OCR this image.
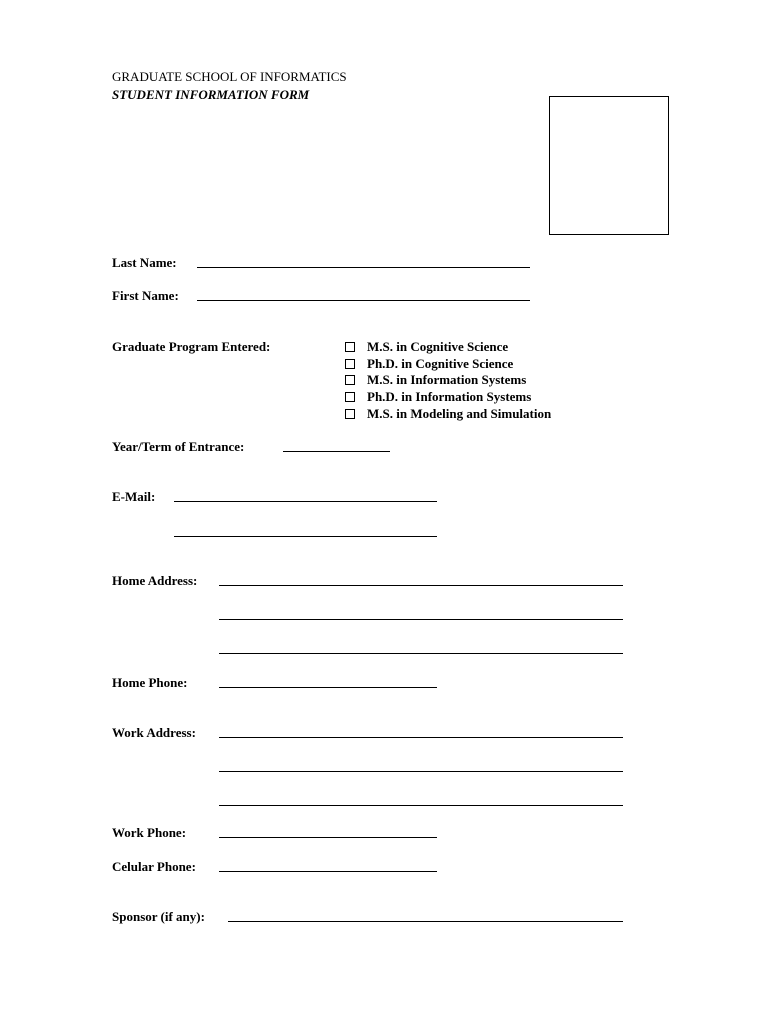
GRADUATE SCHOOL OF INFORMATICS
STUDENT INFORMATION FORM
Last Name:
First Name:
Graduate Program Entered:	M.S. in Cognitive Science
Ph.D. in Cognitive Science
M.S. in Information Systems
Ph.D. in Information Systems
M.S. in Modeling and Simulation
Year/Term of Entrance:
E-Mail:
Home Address:
Home Phone:
Work Address:
Work Phone:
Celular Phone:
Sponsor (if any):
